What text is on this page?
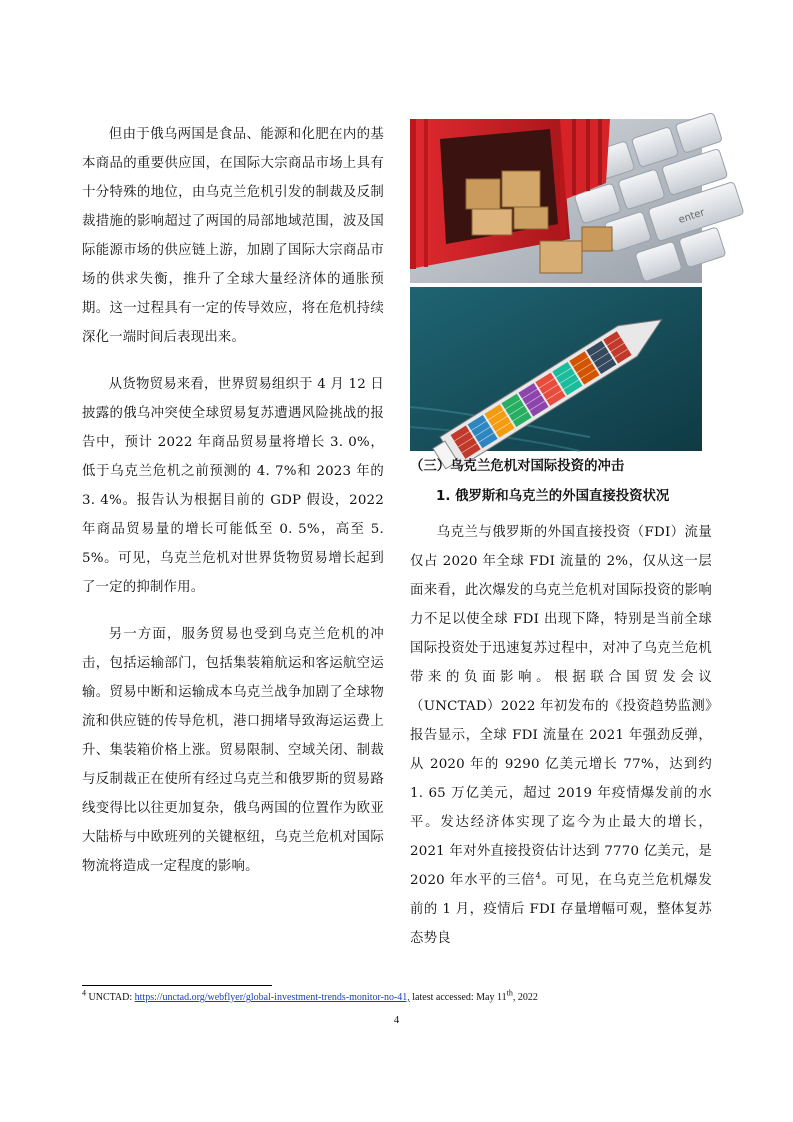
但由于俄乌两国是食品、能源和化肥在内的基本商品的重要供应国，在国际大宗商品市场上具有十分特殊的地位，由乌克兰危机引发的制裁及反制裁措施的影响超过了两国的局部地域范围，波及国际能源市场的供应链上游，加剧了国际大宗商品市场的供求失衡，推升了全球大量经济体的通胀预期。这一过程具有一定的传导效应，将在危机持续深化一端时间后表现出来。

从货物贸易来看，世界贸易组织于 4 月 12 日披露的俄乌冲突使全球贸易复苏遭遇风险挑战的报告中，预计 2022 年商品贸易量将增长 3. 0%，低于乌克兰危机之前预测的 4. 7%和 2023 年的 3. 4%。报告认为根据目前的 GDP 假设，2022 年商品贸易量的增长可能低至 0. 5%，高至 5. 5%。可见，乌克兰危机对世界货物贸易增长起到了一定的抑制作用。

另一方面，服务贸易也受到乌克兰危机的冲击，包括运输部门，包括集装箱航运和客运航空运输。贸易中断和运输成本乌克兰战争加剧了全球物流和供应链的传导危机，港口拥堵导致海运运费上升、集装箱价格上涨。贸易限制、空域关闭、制裁与反制裁正在使所有经过乌克兰和俄罗斯的贸易路线变得比以往更加复杂，俄乌两国的位置作为欧亚大陆桥与中欧班列的关键枢纽，乌克兰危机对国际物流将造成一定程度的影响。

enter
（三）乌克兰危机对国际投资的冲击
1. 俄罗斯和乌克兰的外国直接投资状况

乌克兰与俄罗斯的外国直接投资（FDI）流量仅占 2020 年全球 FDI 流量的 2%，仅从这一层面来看，此次爆发的乌克兰危机对国际投资的影响力不足以使全球 FDI 出现下降，特别是当前全球国际投资处于迅速复苏过程中，对冲了乌克兰危机带来的负面影响。根据联合国贸发会议（UNCTAD）2022 年初发布的《投资趋势监测》报告显示，全球 FDI 流量在 2021 年强劲反弹，从 2020 年的 9290 亿美元增长 77%，达到约 1. 65 万亿美元，超过 2019 年疫情爆发前的水平。发达经济体实现了迄今为止最大的增长，2021 年对外直接投资估计达到 7770 亿美元，是 2020 年水平的三倍$^4$。可见，在乌克兰危机爆发前的 1 月，疫情后 FDI 存量增幅可观，整体复苏态势良

$^4$ UNCTAD: https://unctad.org/webflyer/global-investment-trends-monitor-no-41, latest accessed: May 11th, 2022
4
